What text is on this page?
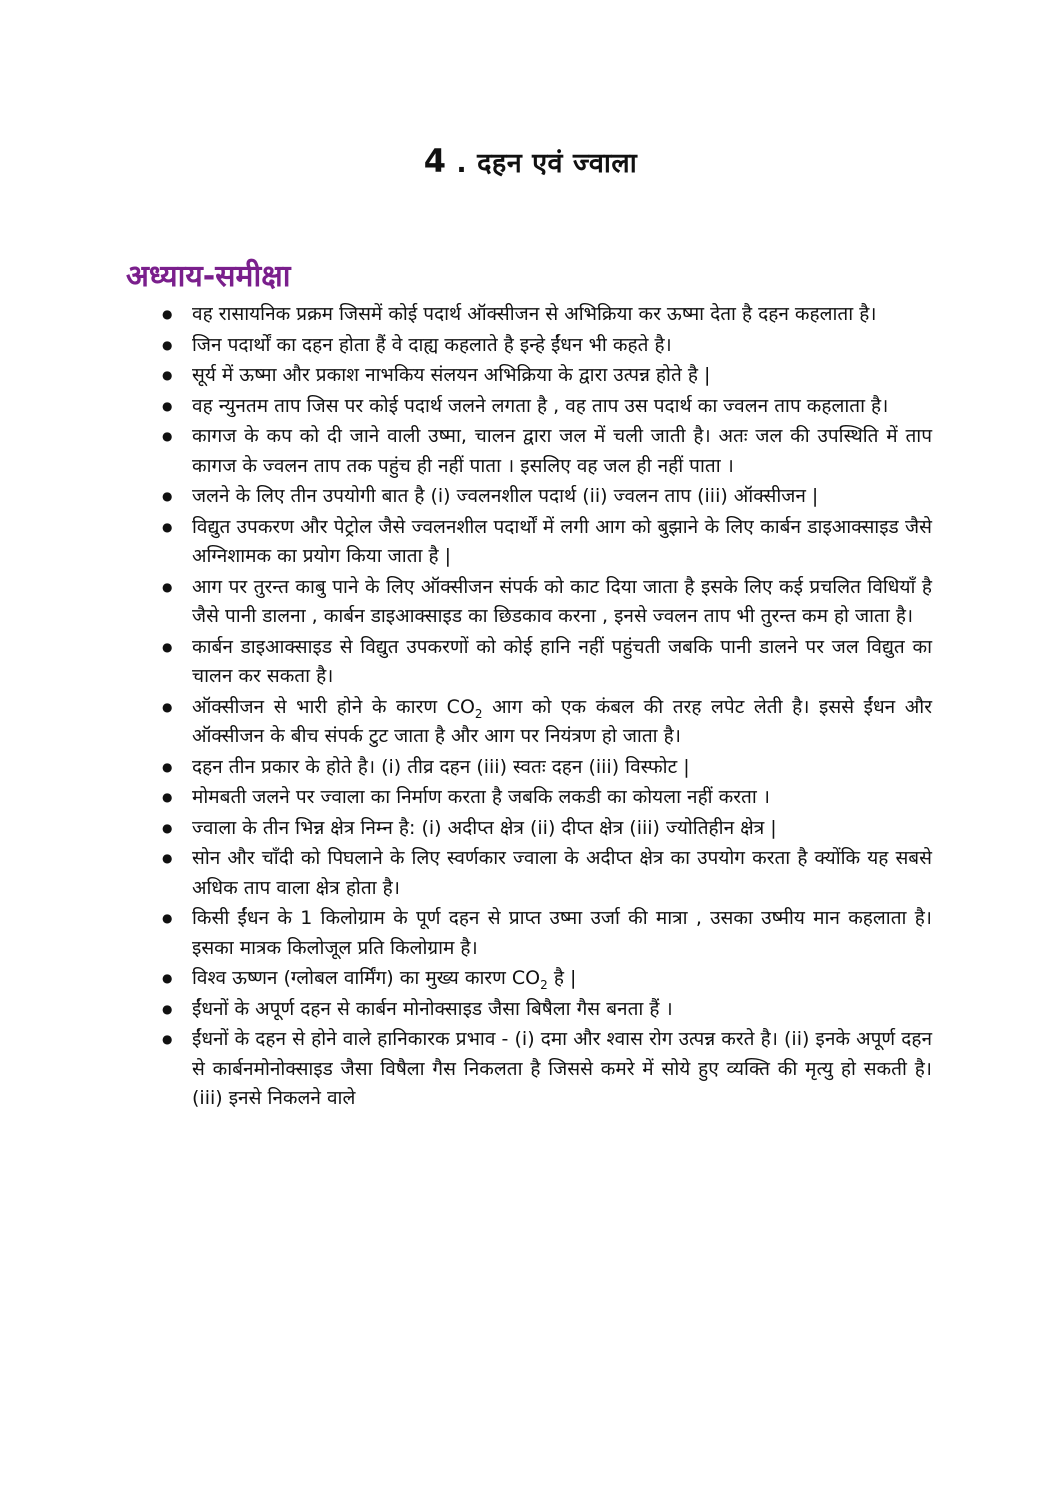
4 . दहन एवं ज्वाला
अध्याय-समीक्षा
● वह रासायनिक प्रक्रम जिसमें कोई पदार्थ ऑक्सीजन से अभिक्रिया कर ऊष्मा देता है दहन कहलाता है।
● जिन पदार्थों का दहन होता हैं वे दाह्य कहलाते है इन्हे ईंधन भी कहते है।
● सूर्य में ऊष्मा और प्रकाश नाभकिय संलयन अभिक्रिया के द्वारा उत्पन्न होते है |
● वह न्युनतम ताप जिस पर कोई पदार्थ जलने लगता है , वह ताप उस पदार्थ का ज्वलन ताप कहलाता है।
● कागज के कप को दी जाने वाली उष्मा, चालन द्वारा जल में चली जाती है। अतः जल की उपस्थिति में ताप कागज के ज्वलन ताप तक पहुंच ही नहीं पाता । इसलिए वह जल ही नहीं पाता ।
● जलने के लिए तीन उपयोगी बात है (i) ज्वलनशील पदार्थ (ii) ज्वलन ताप (iii) ऑक्सीजन |
● विद्युत उपकरण और पेट्रोल जैसे ज्वलनशील पदार्थों में लगी आग को बुझाने के लिए कार्बन डाइआक्साइड जैसे अग्निशामक का प्रयोग किया जाता है |
● आग पर तुरन्त काबु पाने के लिए ऑक्सीजन संपर्क को काट दिया जाता है इसके लिए कई प्रचलित विधियाँ है जैसे पानी डालना , कार्बन डाइआक्साइड का छिडकाव करना , इनसे ज्वलन ताप भी तुरन्त कम हो जाता है।
● कार्बन डाइआक्साइड से विद्युत उपकरणों को कोई हानि नहीं पहुंचती जबकि पानी डालने पर जल विद्युत का चालन कर सकता है।
● ऑक्सीजन से भारी होने के कारण $CO_2$ आग को एक कंबल की तरह लपेट लेती है। इससे ईंधन और ऑक्सीजन के बीच संपर्क टुट जाता है और आग पर नियंत्रण हो जाता है।
● दहन तीन प्रकार के होते है। (i) तीव्र दहन (iii) स्वतः दहन (iii) विस्फोट |
● मोमबती जलने पर ज्वाला का निर्माण करता है जबकि लकडी का कोयला नहीं करता ।
● ज्वाला के तीन भिन्न क्षेत्र निम्न है: (i) अदीप्त क्षेत्र (ii) दीप्त क्षेत्र (iii) ज्योतिहीन क्षेत्र |
● सोन और चाँदी को पिघलाने के लिए स्वर्णकार ज्वाला के अदीप्त क्षेत्र का उपयोग करता है क्योंकि यह सबसे अधिक ताप वाला क्षेत्र होता है।
● किसी ईंधन के 1 किलोग्राम के पूर्ण दहन से प्राप्त उष्मा उर्जा की मात्रा , उसका उष्मीय मान कहलाता है। इसका मात्रक किलोजूल प्रति किलोग्राम है।
● विश्व ऊष्णन (ग्लोबल वार्मिंग) का मुख्य कारण $CO_2$ है |
● ईंधनों के अपूर्ण दहन से कार्बन मोनोक्साइड जैसा बिषैला गैस बनता हैं ।
● ईंधनों के दहन से होने वाले हानिकारक प्रभाव - (i) दमा और श्वास रोग उत्पन्न करते है। (ii) इनके अपूर्ण दहन से कार्बनमोनोक्साइड जैसा विषैला गैस निकलता है जिससे कमरे में सोये हुए व्यक्ति की मृत्यु हो सकती है। (iii) इनसे निकलने वाले
